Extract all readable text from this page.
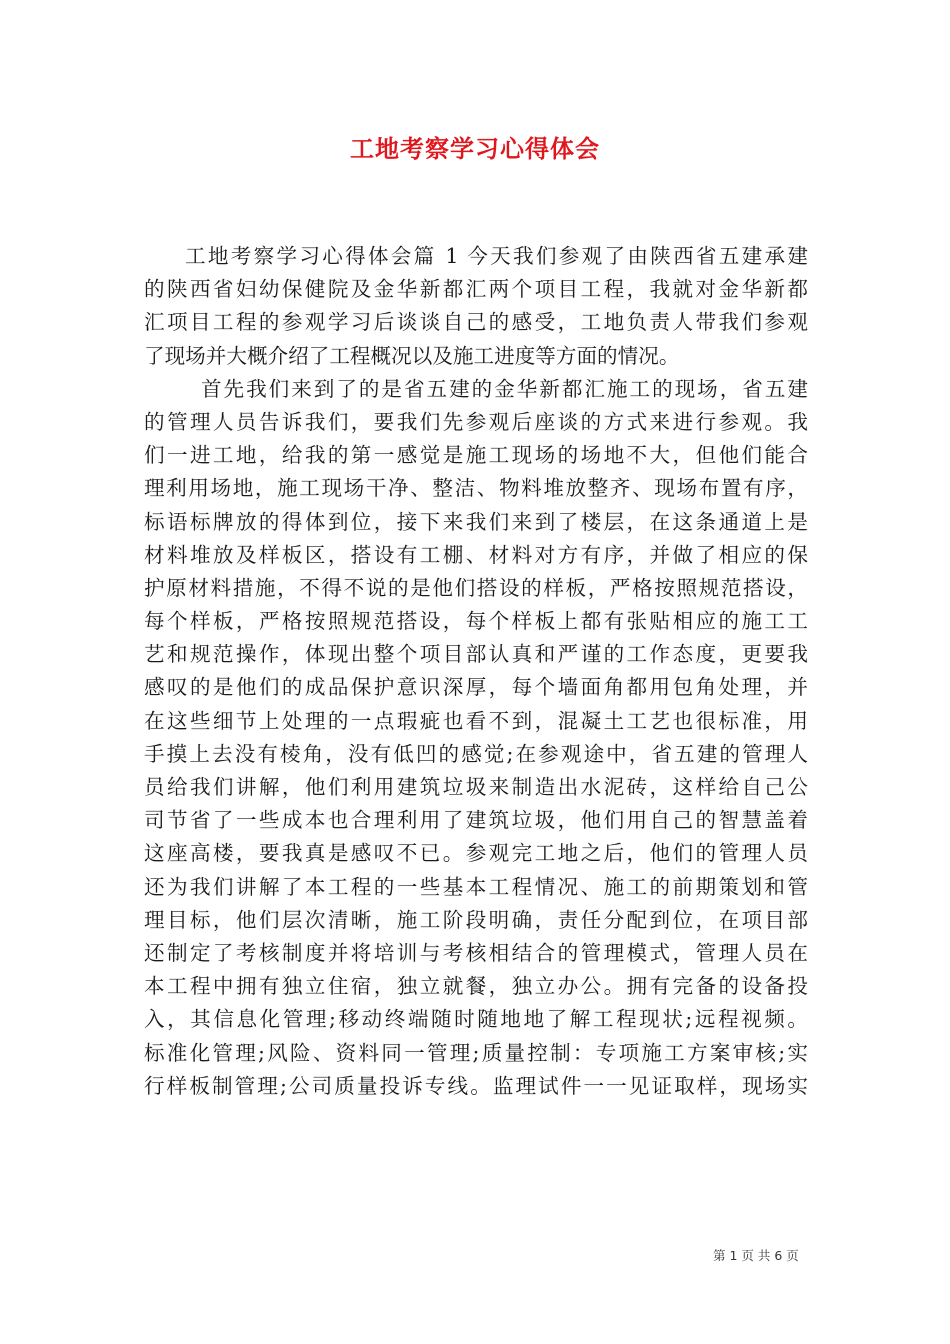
工地考察学习心得体会
工地考察学习心得体会篇 1 今天我们参观了由陕西省五建承建
的陕西省妇幼保健院及金华新都汇两个项目工程，我就对金华新都
汇项目工程的参观学习后谈谈自己的感受，工地负责人带我们参观
了现场并大概介绍了工程概况以及施工进度等方面的情况。
首先我们来到了的是省五建的金华新都汇施工的现场，省五建
的管理人员告诉我们，要我们先参观后座谈的方式来进行参观。我
们一进工地，给我的第一感觉是施工现场的场地不大，但他们能合
理利用场地，施工现场干净、整洁、物料堆放整齐、现场布置有序，
标语标牌放的得体到位，接下来我们来到了楼层，在这条通道上是
材料堆放及样板区，搭设有工棚、材料对方有序，并做了相应的保
护原材料措施，不得不说的是他们搭设的样板，严格按照规范搭设，
每个样板，严格按照规范搭设，每个样板上都有张贴相应的施工工
艺和规范操作，体现出整个项目部认真和严谨的工作态度，更要我
感叹的是他们的成品保护意识深厚，每个墙面角都用包角处理，并
在这些细节上处理的一点瑕疵也看不到，混凝土工艺也很标准，用
手摸上去没有棱角，没有低凹的感觉;在参观途中，省五建的管理人
员给我们讲解，他们利用建筑垃圾来制造出水泥砖，这样给自己公
司节省了一些成本也合理利用了建筑垃圾，他们用自己的智慧盖着
这座高楼，要我真是感叹不已。参观完工地之后，他们的管理人员
还为我们讲解了本工程的一些基本工程情况、施工的前期策划和管
理目标，他们层次清晰，施工阶段明确，责任分配到位，在项目部
还制定了考核制度并将培训与考核相结合的管理模式，管理人员在
本工程中拥有独立住宿，独立就餐，独立办公。拥有完备的设备投
入，其信息化管理;移动终端随时随地地了解工程现状;远程视频。
标准化管理;风险、资料同一管理;质量控制：专项施工方案审核;实
行样板制管理;公司质量投诉专线。监理试件一一见证取样，现场实
第 1 页 共 6 页
